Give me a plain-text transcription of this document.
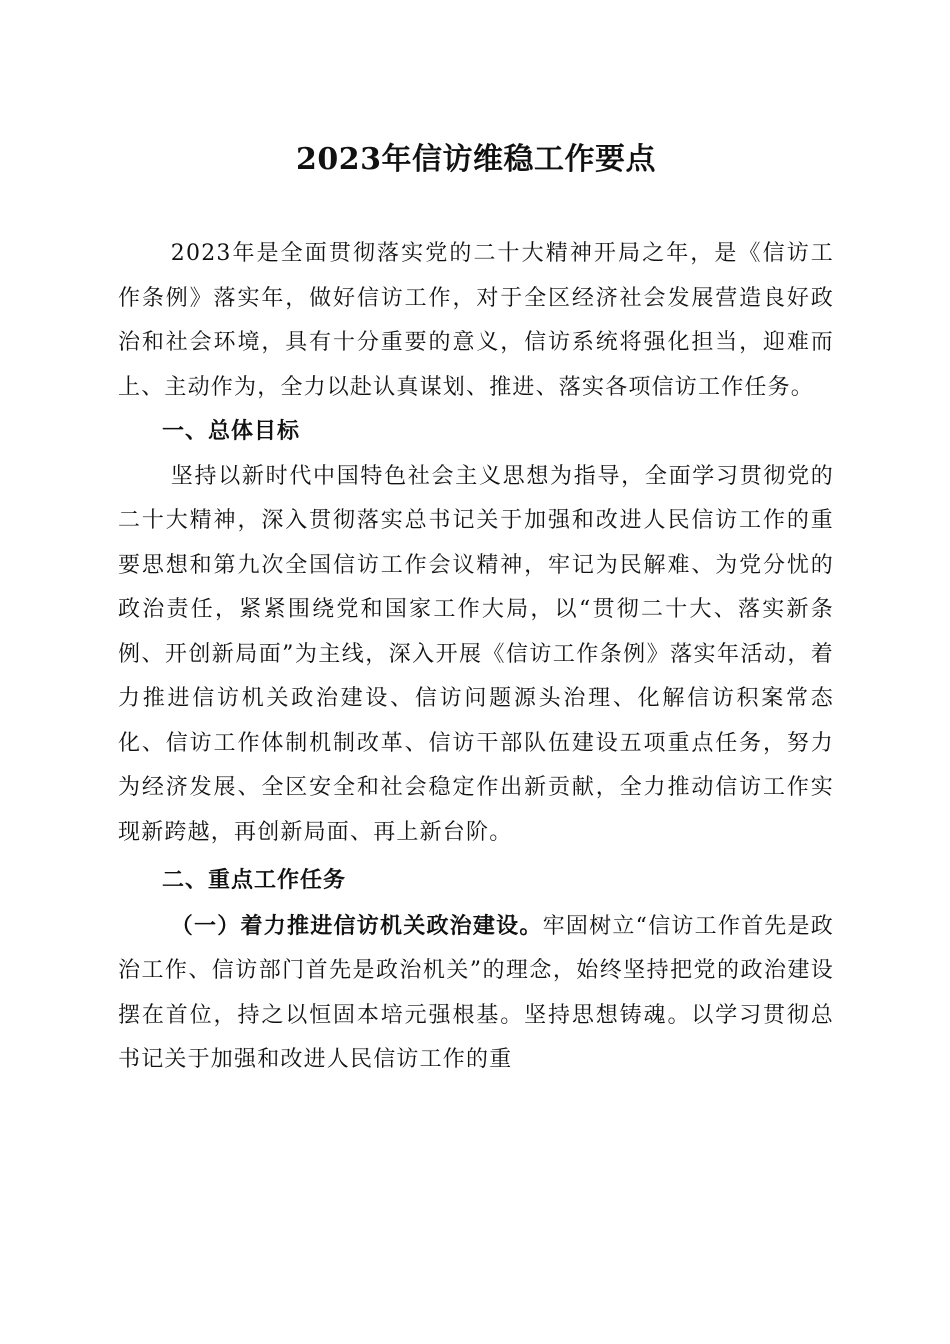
2023年信访维稳工作要点

2023年是全面贯彻落实党的二十大精神开局之年，是《信访工作条例》落实年，做好信访工作，对于全区经济社会发展营造良好政治和社会环境，具有十分重要的意义，信访系统将强化担当，迎难而上、主动作为，全力以赴认真谋划、推进、落实各项信访工作任务。

一、总体目标

坚持以新时代中国特色社会主义思想为指导，全面学习贯彻党的二十大精神，深入贯彻落实总书记关于加强和改进人民信访工作的重要思想和第九次全国信访工作会议精神，牢记为民解难、为党分忧的政治责任，紧紧围绕党和国家工作大局，以“贯彻二十大、落实新条例、开创新局面”为主线，深入开展《信访工作条例》落实年活动，着力推进信访机关政治建设、信访问题源头治理、化解信访积案常态化、信访工作体制机制改革、信访干部队伍建设五项重点任务，努力为经济发展、全区安全和社会稳定作出新贡献，全力推动信访工作实现新跨越，再创新局面、再上新台阶。

二、重点工作任务

（一）着力推进信访机关政治建设。牢固树立“信访工作首先是政治工作、信访部门首先是政治机关”的理念，始终坚持把党的政治建设摆在首位，持之以恒固本培元强根基。坚持思想铸魂。以学习贯彻总书记关于加强和改进人民信访工作的重
